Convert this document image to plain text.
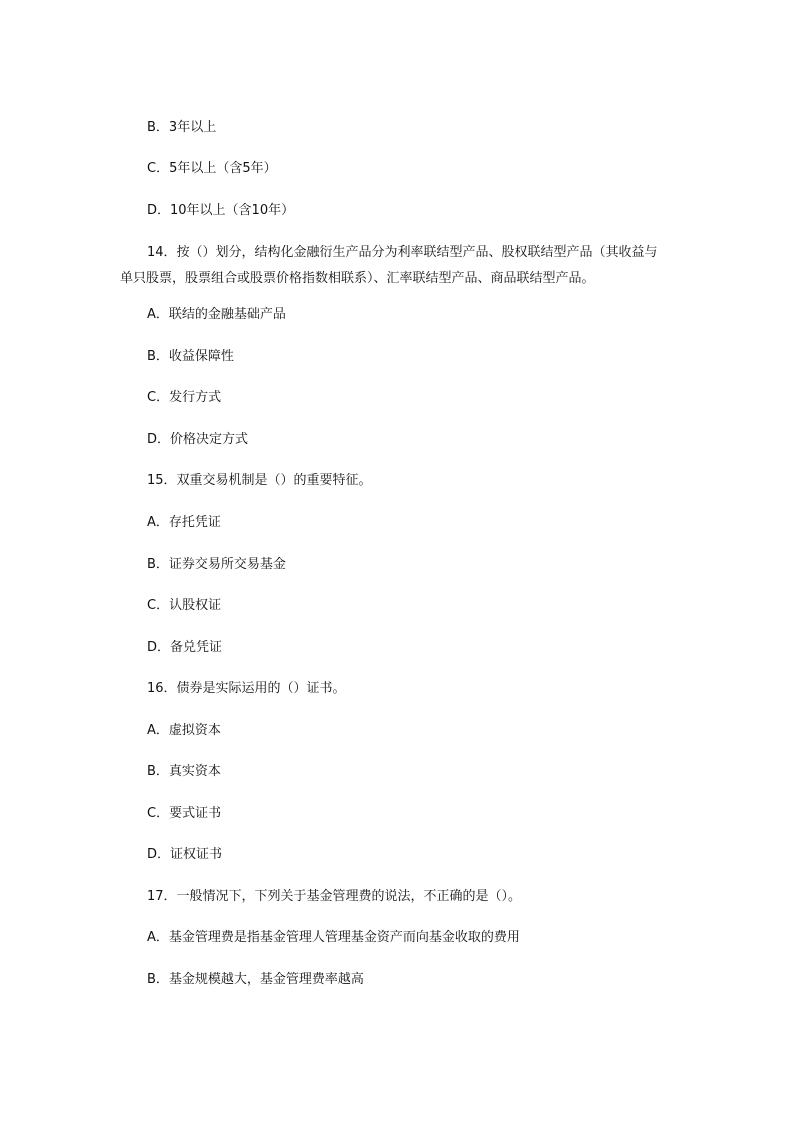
B．3年以上
C．5年以上（含5年）
D．10年以上（含10年）
14．按（）划分，结构化金融衍生产品分为利率联结型产品、股权联结型产品（其收益与单只股票，股票组合或股票价格指数相联系）、汇率联结型产品、商品联结型产品。
A．联结的金融基础产品
B．收益保障性
C．发行方式
D．价格决定方式
15．双重交易机制是（）的重要特征。
A．存托凭证
B．证券交易所交易基金
C．认股权证
D．备兑凭证
16．债券是实际运用的（）证书。
A．虚拟资本
B．真实资本
C．要式证书
D．证权证书
17．一般情况下，下列关于基金管理费的说法，不正确的是（）。
A．基金管理费是指基金管理人管理基金资产而向基金收取的费用
B．基金规模越大，基金管理费率越高
